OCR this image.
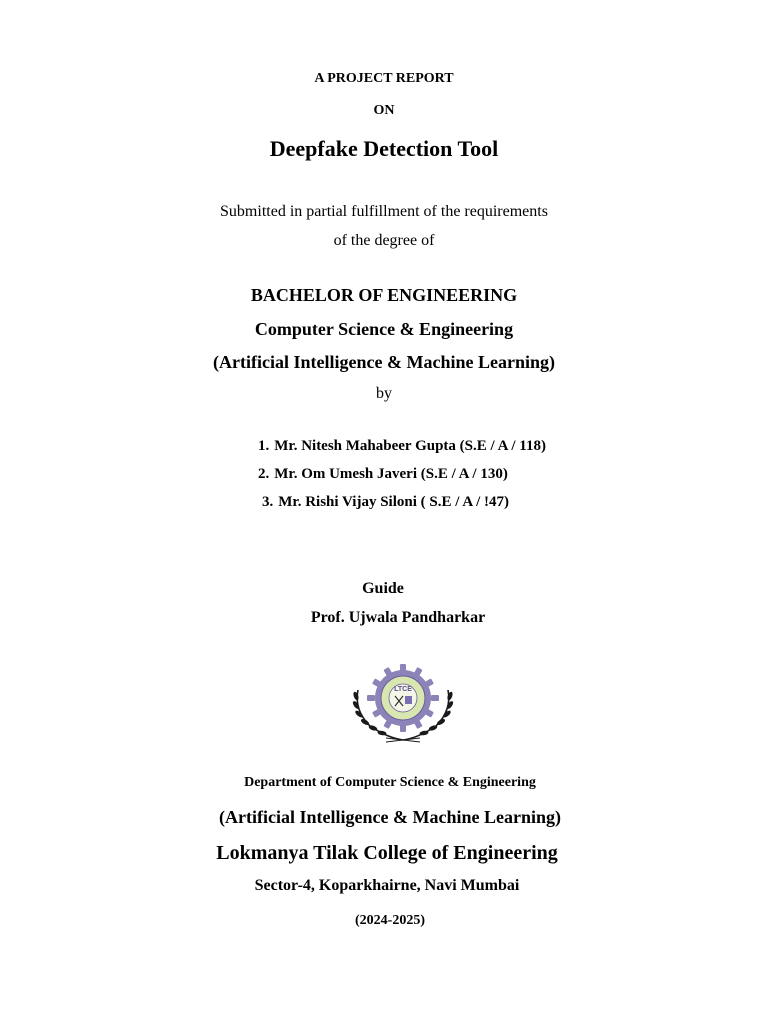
A PROJECT REPORT
ON
Deepfake Detection Tool
Submitted in partial fulfillment of the requirements
of the degree of
BACHELOR OF ENGINEERING
Computer Science & Engineering
(Artificial Intelligence & Machine Learning)
by
1. Mr. Nitesh Mahabeer Gupta (S.E / A / 118)
2. Mr. Om Umesh Javeri (S.E / A / 130)
3. Mr. Rishi Vijay Siloni ( S.E / A / !47)
Guide
Prof. Ujwala Pandharkar
LTCE
Department of Computer Science & Engineering
(Artificial Intelligence & Machine Learning)
Lokmanya Tilak College of Engineering
Sector-4, Koparkhairne, Navi Mumbai
(2024-2025)
